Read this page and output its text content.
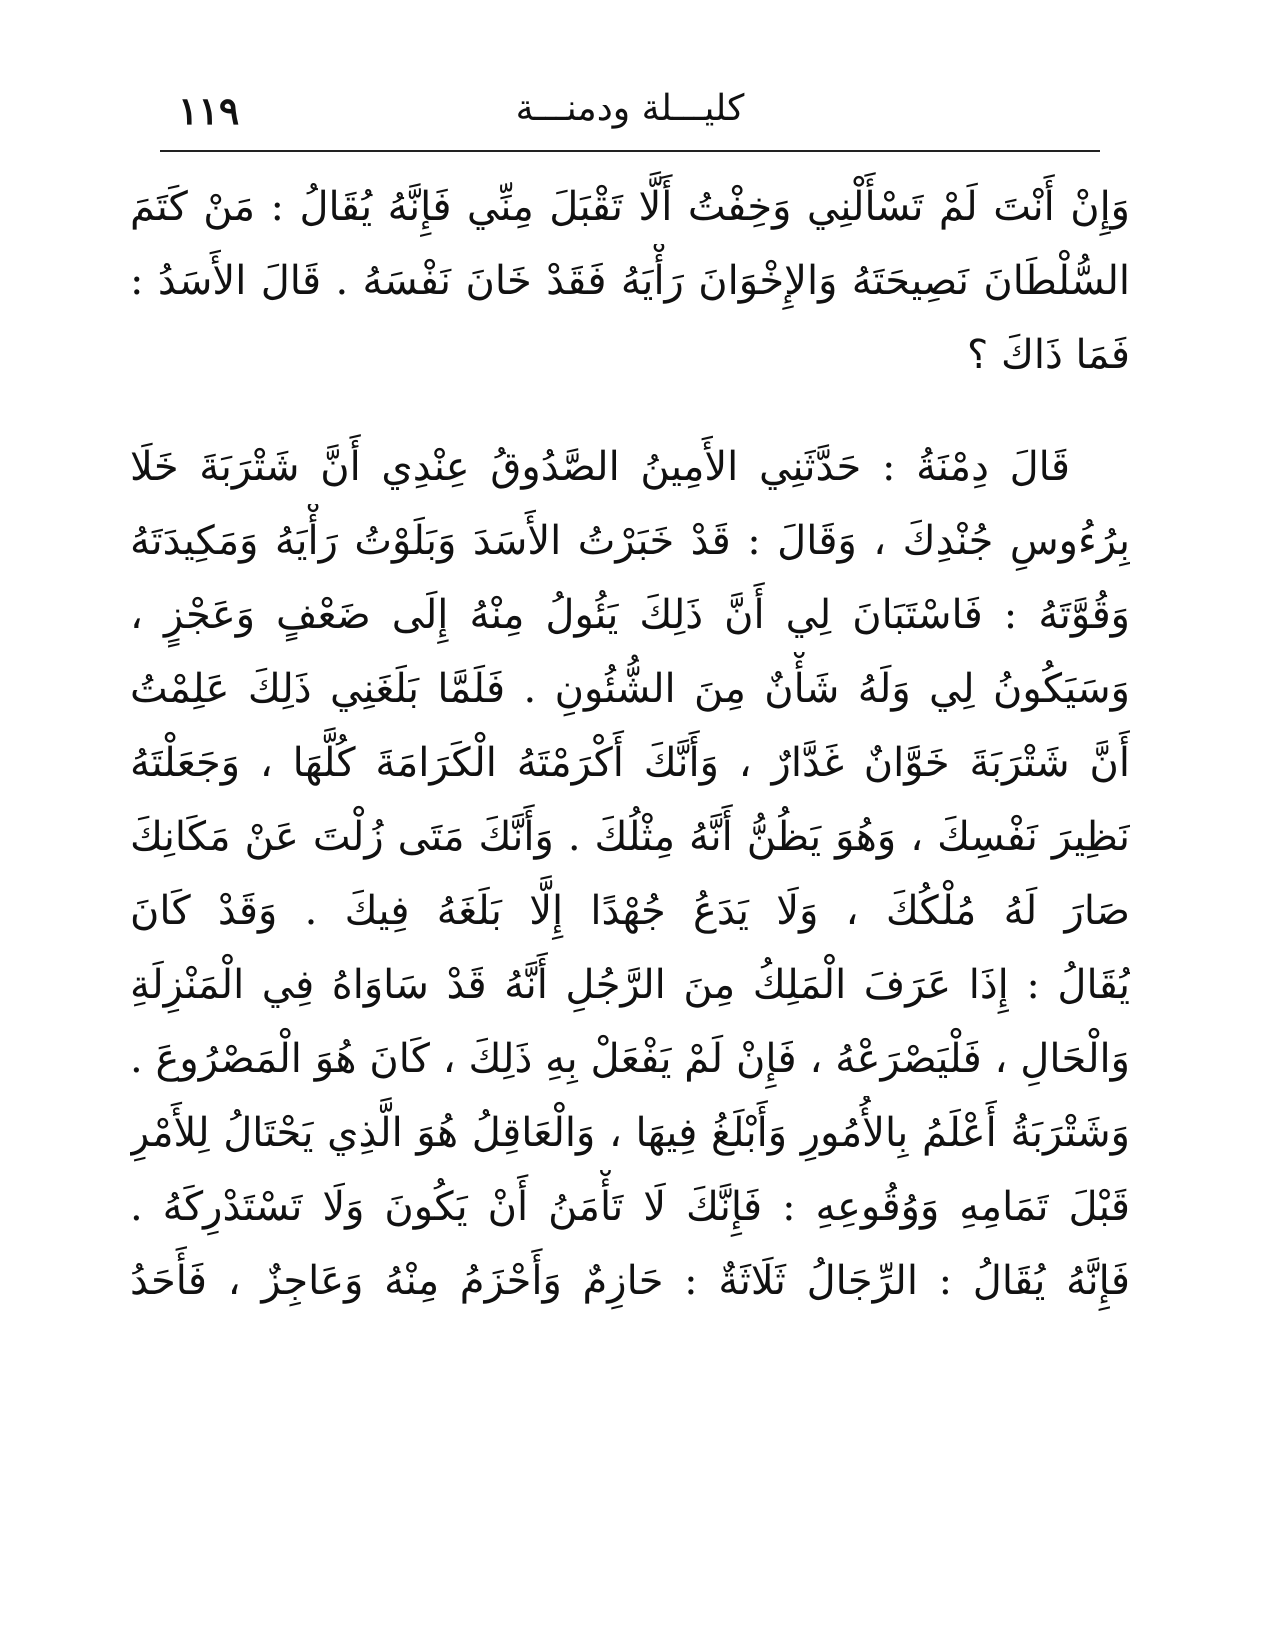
كليـــلة ودمنـــة
١١٩
وَإِنْ أَنْتَ لَمْ تَسْأَلْنِي وَخِفْتُ أَلَّا تَقْبَلَ مِنِّي فَإِنَّهُ يُقَالُ : مَنْ كَتَمَ
السُّلْطَانَ نَصِيحَتَهُ وَالإِخْوَانَ رَأْيَهُ فَقَدْ خَانَ نَفْسَهُ . قَالَ الأَسَدُ :
فَمَا ذَاكَ ؟
قَالَ دِمْنَةُ : حَدَّثَنِي الأَمِينُ الصَّدُوقُ عِنْدِي أَنَّ شَتْرَبَةَ خَلَا
بِرُءُوسِ جُنْدِكَ ، وَقَالَ : قَدْ خَبَرْتُ الأَسَدَ وَبَلَوْتُ رَأْيَهُ وَمَكِيدَتَهُ
وَقُوَّتَهُ : فَاسْتَبَانَ لِي أَنَّ ذَلِكَ يَئُولُ مِنْهُ إِلَى ضَعْفٍ وَعَجْزٍ ،
وَسَيَكُونُ لِي وَلَهُ شَأْنٌ مِنَ الشُّئُونِ . فَلَمَّا بَلَغَنِي ذَلِكَ عَلِمْتُ
أَنَّ شَتْرَبَةَ خَوَّانٌ غَدَّارٌ ، وَأَنَّكَ أَكْرَمْتَهُ الْكَرَامَةَ كُلَّهَا ، وَجَعَلْتَهُ
نَظِيرَ نَفْسِكَ ، وَهُوَ يَظُنُّ أَنَّهُ مِثْلُكَ . وَأَنَّكَ مَتَى زُلْتَ عَنْ مَكَانِكَ
صَارَ لَهُ مُلْكُكَ ، وَلَا يَدَعُ جُهْدًا إِلَّا بَلَغَهُ فِيكَ . وَقَدْ كَانَ
يُقَالُ : إِذَا عَرَفَ الْمَلِكُ مِنَ الرَّجُلِ أَنَّهُ قَدْ سَاوَاهُ فِي الْمَنْزِلَةِ
وَالْحَالِ ، فَلْيَصْرَعْهُ ، فَإِنْ لَمْ يَفْعَلْ بِهِ ذَلِكَ ، كَانَ هُوَ الْمَصْرُوعَ .
وَشَتْرَبَةُ أَعْلَمُ بِالأُمُورِ وَأَبْلَغُ فِيهَا ، وَالْعَاقِلُ هُوَ الَّذِي يَحْتَالُ لِلأَمْرِ
قَبْلَ تَمَامِهِ وَوُقُوعِهِ : فَإِنَّكَ لَا تَأْمَنُ أَنْ يَكُونَ وَلَا تَسْتَدْرِكَهُ .
فَإِنَّهُ يُقَالُ : الرِّجَالُ ثَلَاثَةٌ : حَازِمٌ وَأَحْزَمُ مِنْهُ وَعَاجِزٌ ، فَأَحَدُ
